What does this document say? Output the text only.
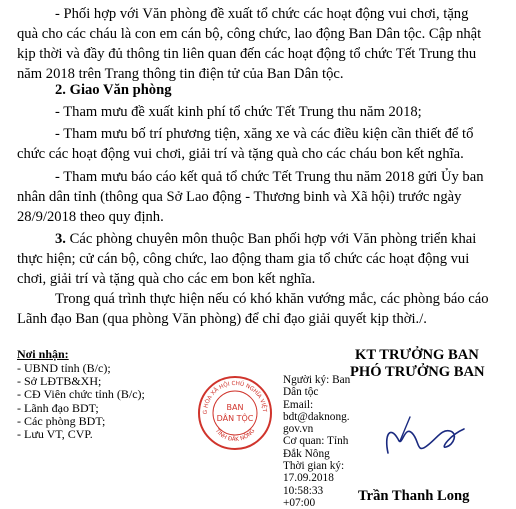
- Phối hợp với Văn phòng đề xuất tổ chức các hoạt động vui chơi, tặng
quà cho các cháu là con em cán bộ, công chức, lao động Ban Dân tộc. Cập nhật
kịp thời và đầy đủ thông tin liên quan đến các hoạt động tổ chức Tết Trung thu
năm 2018 trên Trang thông tin điện tử của Ban Dân tộc.
2. Giao Văn phòng
- Tham mưu đề xuất kinh phí tổ chức Tết Trung thu năm 2018;
- Tham mưu bố trí phương tiện, xăng xe và các điều kiện cần thiết để tổ
chức các hoạt động vui chơi, giải trí và tặng quà cho các cháu bon kết nghĩa.
- Tham mưu báo cáo kết quả tổ chức Tết Trung thu năm 2018 gửi Ủy ban
nhân dân tỉnh (thông qua Sở Lao động - Thương binh và Xã hội) trước ngày
28/9/2018 theo quy định.
3. Các phòng chuyên môn thuộc Ban phối hợp với Văn phòng triển khai
thực hiện; cử cán bộ, công chức, lao động tham gia tổ chức các hoạt động vui
chơi, giải trí và tặng quà cho các em bon kết nghĩa.
Trong quá trình thực hiện nếu có khó khăn vướng mắc, các phòng báo cáo
Lãnh đạo Ban (qua phòng Văn phòng) để chỉ đạo giải quyết kịp thời./.
Nơi nhận:
- UBND tỉnh (B/c);
- Sở LĐTB&XH;
- CĐ Viên chức tỉnh (B/c);
- Lãnh đạo BDT;
- Các phòng BDT;
- Lưu VT, CVP.
KT TRƯỞNG BAN
PHÓ TRƯỞNG BAN
G HÒA XÃ HỘI CHỦ NGHĨA VIỆT
TỈNH ĐẮK NÔNG
BAN
DÂN TỘC
Người ký: Ban
Dân tộc
Email:
bdt@daknong.
gov.vn
Cơ quan: Tỉnh
Đắk Nông
Thời gian ký:
17.09.2018
10:58:33
+07:00	Trần Thanh Long
